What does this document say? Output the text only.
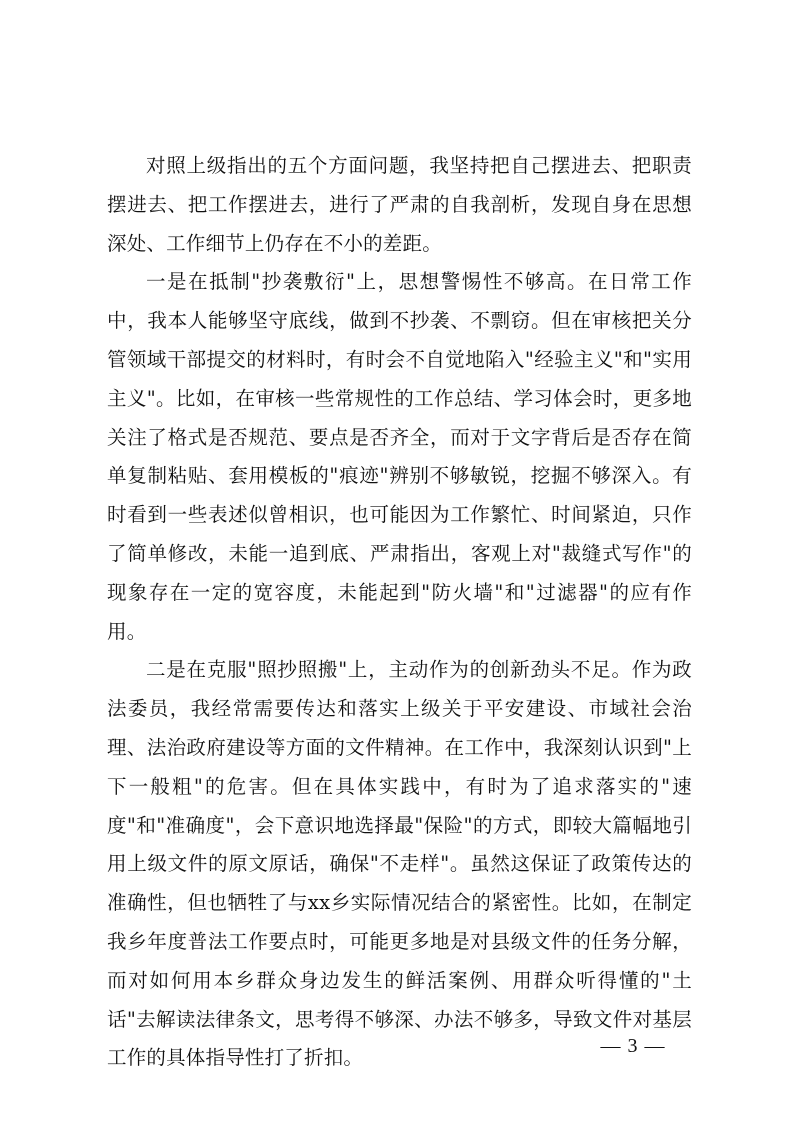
对照上级指出的五个方面问题，我坚持把自己摆进去、把职责摆进去、把工作摆进去，进行了严肃的自我剖析，发现自身在思想深处、工作细节上仍存在不小的差距。

一是在抵制"抄袭敷衍"上，思想警惕性不够高。在日常工作中，我本人能够坚守底线，做到不抄袭、不剽窃。但在审核把关分管领域干部提交的材料时，有时会不自觉地陷入"经验主义"和"实用主义"。比如，在审核一些常规性的工作总结、学习体会时，更多地关注了格式是否规范、要点是否齐全，而对于文字背后是否存在简单复制粘贴、套用模板的"痕迹"辨别不够敏锐，挖掘不够深入。有时看到一些表述似曾相识，也可能因为工作繁忙、时间紧迫，只作了简单修改，未能一追到底、严肃指出，客观上对"裁缝式写作"的现象存在一定的宽容度，未能起到"防火墙"和"过滤器"的应有作用。

二是在克服"照抄照搬"上，主动作为的创新劲头不足。作为政法委员，我经常需要传达和落实上级关于平安建设、市域社会治理、法治政府建设等方面的文件精神。在工作中，我深刻认识到"上下一般粗"的危害。但在具体实践中，有时为了追求落实的"速度"和"准确度"，会下意识地选择最"保险"的方式，即较大篇幅地引用上级文件的原文原话，确保"不走样"。虽然这保证了政策传达的准确性，但也牺牲了与xx乡实际情况结合的紧密性。比如，在制定我乡年度普法工作要点时，可能更多地是对县级文件的任务分解，而对如何用本乡群众身边发生的鲜活案例、用群众听得懂的"土话"去解读法律条文，思考得不够深、办法不够多，导致文件对基层工作的具体指导性打了折扣。

— 3 —
